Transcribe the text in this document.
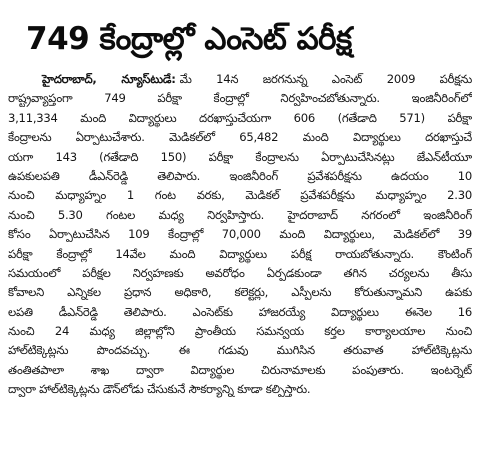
749 కేంద్రాల్లో ఎంసెట్ పరీక్ష
హైదరాబాద్, న్యూస్‌టుడే: మే 14న జరగనున్న ఎంసెట్ 2009 పరీక్షను
రాష్ట్రవ్యాప్తంగా 749 పరీక్షా కేంద్రాల్లో నిర్వహించబోతున్నారు. ఇంజినీరింగ్‌లో
3,11,334 మంది విద్యార్థులు దరఖాస్తుచేయగా 606 (గతేడాది 571) పరీక్షా
కేంద్రాలను ఏర్పాటుచేశారు. మెడికల్‌లో 65,482 మంది విద్యార్థులు దరఖాస్తుచే
యగా 143 (గతేడాది 150) పరీక్షా కేంద్రాలను ఏర్పాటుచేసినట్లు జేఎన్‌టీయూ
ఉపకులపతి డీఎన్‌రెడ్డి తెలిపారు. ఇంజినీరింగ్ ప్రవేశపరీక్షను ఉదయం 10
నుంచి మధ్యాహ్నం 1 గంట వరకు, మెడికల్ ప్రవేశపరీక్షను మధ్యాహ్నం 2.30
నుంచి 5.30 గంటల మధ్య నిర్వహిస్తారు. హైదరాబాద్ నగరంలో ఇంజినీరింగ్
కోసం ఏర్పాటుచేసిన 109 కేంద్రాల్లో 70,000 మంది విద్యార్థులు, మెడికల్‌లో 39
పరీక్షా కేంద్రాల్లో 14వేల మంది విద్యార్థులు పరీక్ష రాయబోతున్నారు. కౌంటింగ్
సమయంలో పరీక్షల నిర్వహణకు అవరోధం ఏర్పడకుండా తగిన చర్యలను తీసు
కోవాలని ఎన్నికల ప్రధాన అధికారి, కలెక్టర్లు, ఎస్పీలను కోరుతున్నామని ఉపకు
లపతి డీఎన్‌రెడ్డి తెలిపారు. ఎంసెట్‌కు హాజరయ్యే విద్యార్థులు ఈనెల 16
నుంచి 24 మధ్య జిల్లాల్లోని ప్రాంతీయ సమన్వయ కర్తల కార్యాలయాల నుంచి
హాల్‌టిక్కెట్లను పొందవచ్చు. ఈ గడువు ముగిసిన తరువాత హాల్‌టిక్కెట్లను
తంతితపాలా శాఖ ద్వారా విద్యార్థుల చిరునామాలకు పంపుతారు. ఇంటర్నెట్
ద్వారా హాల్‌టిక్కెట్లను డౌన్‌లోడు చేసుకునే సౌకర్యాన్ని కూడా కల్పిస్తారు.
